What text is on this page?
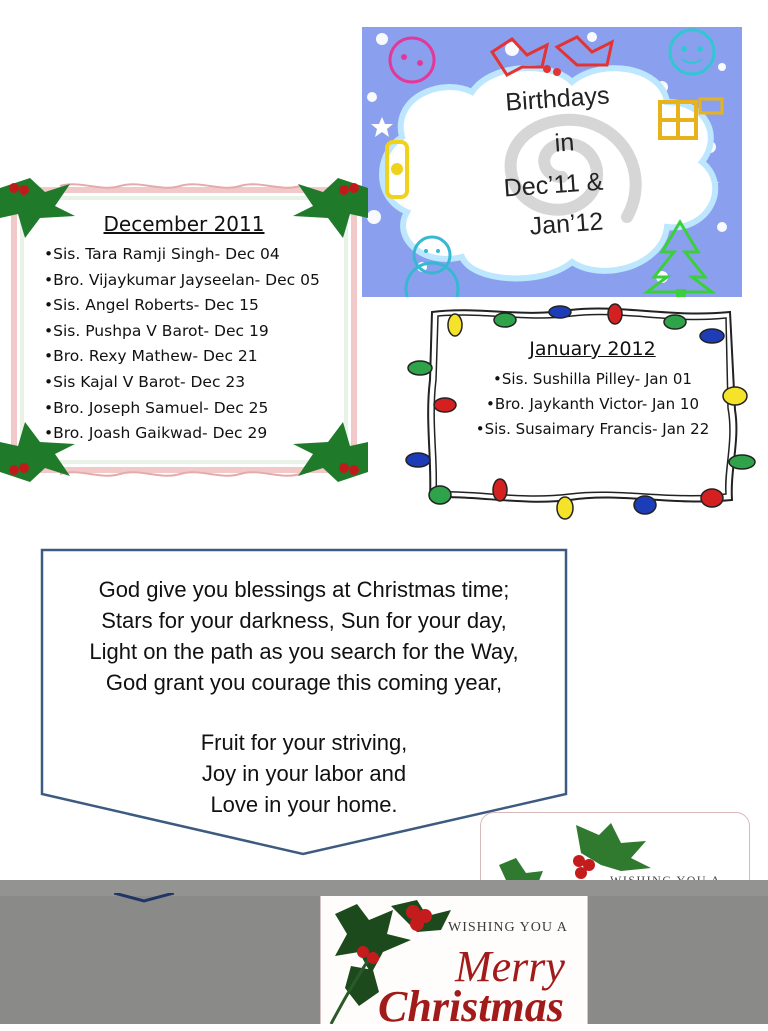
Birthdays
in
Dec’11 &
Jan’12
December 2011
•Sis. Tara Ramji Singh- Dec 04
•Bro. Vijaykumar Jayseelan- Dec 05
•Sis. Angel Roberts- Dec 15
•Sis. Pushpa V Barot- Dec 19
•Bro. Rexy Mathew- Dec 21
•Sis Kajal V Barot- Dec 23
•Bro. Joseph Samuel- Dec 25
•Bro. Joash Gaikwad- Dec 29
January 2012
•Sis. Sushilla Pilley- Jan 01
•Bro. Jaykanth Victor- Jan 10
•Sis. Susaimary Francis- Jan 22
God give you blessings at Christmas time;
Stars for your darkness, Sun for your day,
Light on the path as you search for the Way,
God grant you courage this coming year,
Fruit for your striving,
Joy in your labor and
Love in your home.
WISHING YOU A
Merry
Christmas
